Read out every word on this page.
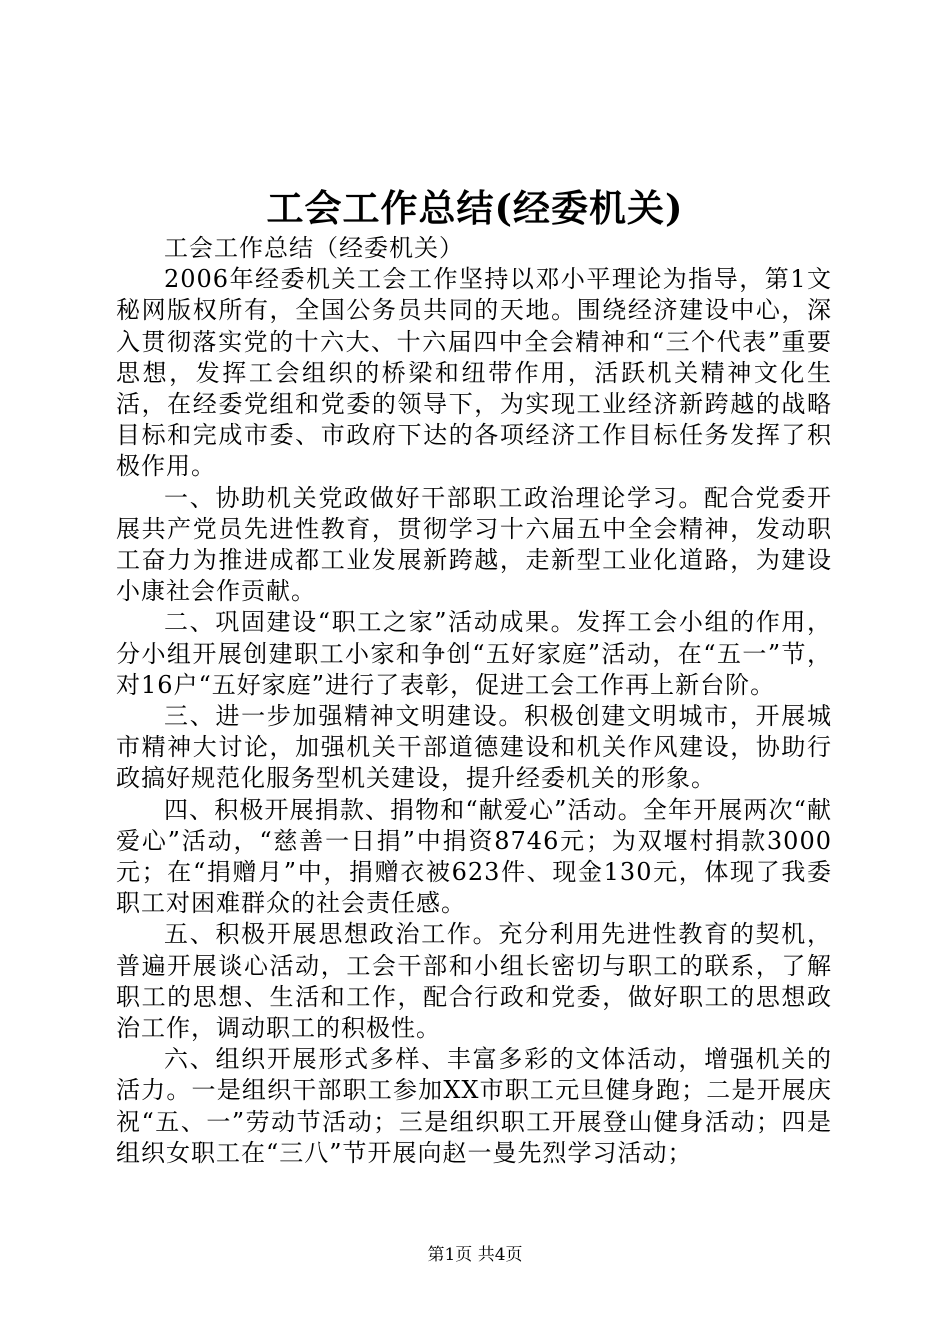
工会工作总结(经委机关)

工会工作总结（经委机关）

2006年经委机关工会工作坚持以邓小平理论为指导，第1文秘网版权所有，全国公务员共同的天地。围绕经济建设中心，深入贯彻落实党的十六大、十六届四中全会精神和“三个代表”重要思想，发挥工会组织的桥梁和纽带作用，活跃机关精神文化生活，在经委党组和党委的领导下，为实现工业经济新跨越的战略目标和完成市委、市政府下达的各项经济工作目标任务发挥了积极作用。

一、协助机关党政做好干部职工政治理论学习。配合党委开展共产党员先进性教育，贯彻学习十六届五中全会精神，发动职工奋力为推进成都工业发展新跨越，走新型工业化道路，为建设小康社会作贡献。

二、巩固建设“职工之家”活动成果。发挥工会小组的作用，分小组开展创建职工小家和争创“五好家庭”活动，在“五一”节，对16户“五好家庭”进行了表彰，促进工会工作再上新台阶。

三、进一步加强精神文明建设。积极创建文明城市，开展城市精神大讨论，加强机关干部道德建设和机关作风建设，协助行政搞好规范化服务型机关建设，提升经委机关的形象。

四、积极开展捐款、捐物和“献爱心”活动。全年开展两次“献爱心”活动，“慈善一日捐”中捐资8746元；为双堰村捐款3000元；在“捐赠月”中，捐赠衣被623件、现金130元，体现了我委职工对困难群众的社会责任感。

五、积极开展思想政治工作。充分利用先进性教育的契机，普遍开展谈心活动，工会干部和小组长密切与职工的联系，了解职工的思想、生活和工作，配合行政和党委，做好职工的思想政治工作，调动职工的积极性。

六、组织开展形式多样、丰富多彩的文体活动，增强机关的活力。一是组织干部职工参加XX市职工元旦健身跑；二是开展庆祝“五、一”劳动节活动；三是组织职工开展登山健身活动；四是组织女职工在“三八”节开展向赵一曼先烈学习活动；

第1页 共4页
